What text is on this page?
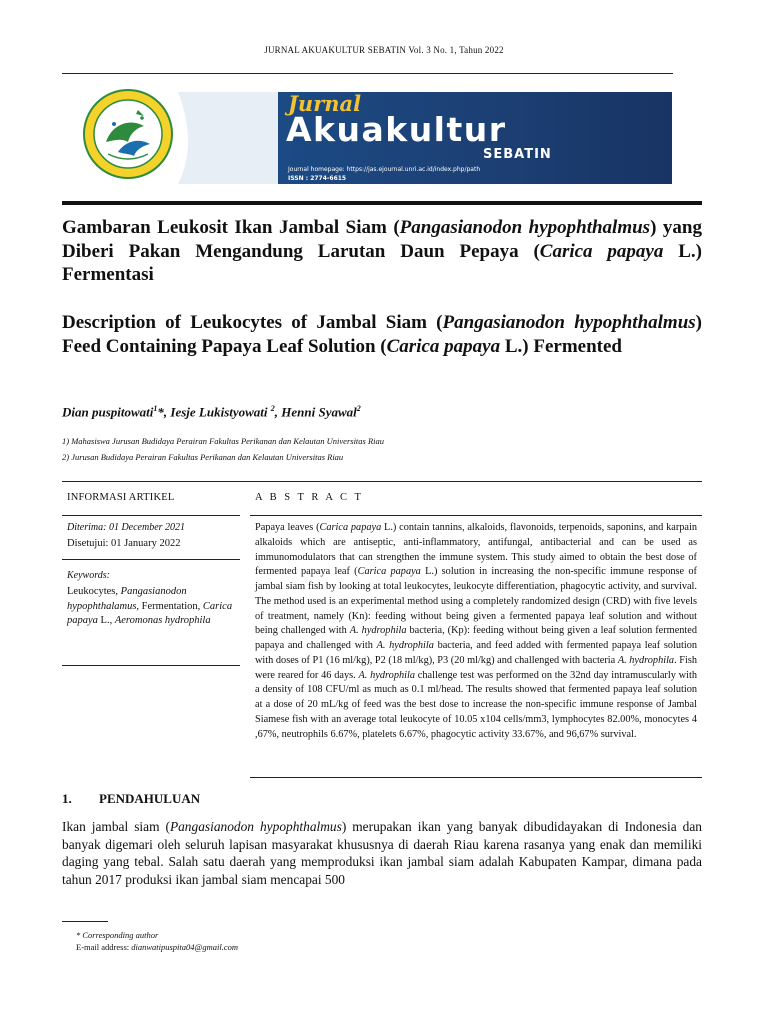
JURNAL AKUAKULTUR SEBATIN Vol. 3 No. 1, Tahun 2022
Jurnal
Akuakultur
SEBATIN
Journal homepage: https://jas.ejournal.unri.ac.id/index.php/path
ISSN : 2774-6615
Gambaran Leukosit Ikan Jambal Siam (Pangasianodon hypophthalmus) yang Diberi Pakan Mengandung Larutan Daun Pepaya (Carica papaya L.) Fermentasi
Description of Leukocytes of Jambal Siam (Pangasianodon hypophthalmus) Feed Containing Papaya Leaf Solution (Carica papaya L.) Fermented
Dian puspitowati$^1$*, Iesje Lukistyowati $^2$, Henni Syawal$^2$
1) Mahasiswa Jurusan Budidaya Perairan Fakultas Perikanan dan Kelautan Universitas Riau
2) Jurusan Budidaya Perairan Fakultas Perikanan dan Kelautan Universitas Riau
INFORMASI ARTIKEL	A B S T R A C T
Diterima: 01 December 2021
Disetujui: 01 January 2022
Keywords:
Leukocytes, Pangasianodon hypophthalamus, Fermentation, Carica papaya L., Aeromonas hydrophila
Papaya leaves (Carica papaya L.) contain tannins, alkaloids, flavonoids, terpenoids, saponins, and karpain alkaloids which are antiseptic, anti-inflammatory, antifungal, antibacterial and can be used as immunomodulators that can strengthen the immune system. This study aimed to obtain the best dose of fermented papaya leaf (Carica papaya L.) solution in increasing the non-specific immune response of jambal siam fish by looking at total leukocytes, leukocyte differentiation, phagocytic activity, and survival. The method used is an experimental method using a completely randomized design (CRD) with five levels of treatment, namely (Kn): feeding without being given a fermented papaya leaf solution and without being challenged with A. hydrophila bacteria, (Kp): feeding without being given a leaf solution fermented papaya and challenged with A. hydrophila bacteria, and feed added with fermented papaya leaf solution with doses of P1 (16 ml/kg), P2 (18 ml/kg), P3 (20 ml/kg) and challenged with bacteria A. hydrophila. Fish were reared for 46 days. A. hydrophila challenge test was performed on the 32nd day intramuscularly with a density of 108 CFU/ml as much as 0.1 ml/head. The results showed that fermented papaya leaf solution at a dose of 20 mL/kg of feed was the best dose to increase the non-specific immune response of Jambal Siamese fish with an average total leukocyte of 10.05 x104 cells/mm3, lymphocytes 82.00%, monocytes 4 ,67%, neutrophils 6.67%, platelets 6.67%, phagocytic activity 33.67%, and 96,67% survival.
1. PENDAHULUAN
Ikan jambal siam (Pangasianodon hypophthalmus) merupakan ikan yang banyak dibudidayakan di Indonesia dan banyak digemari oleh seluruh lapisan masyarakat khususnya di daerah Riau karena rasanya yang enak dan memiliki daging yang tebal. Salah satu daerah yang memproduksi ikan jambal siam adalah Kabupaten Kampar, dimana pada tahun 2017 produksi ikan jambal siam mencapai 500
* Corresponding author
E-mail address: dianwatipuspita04@gmail.com
